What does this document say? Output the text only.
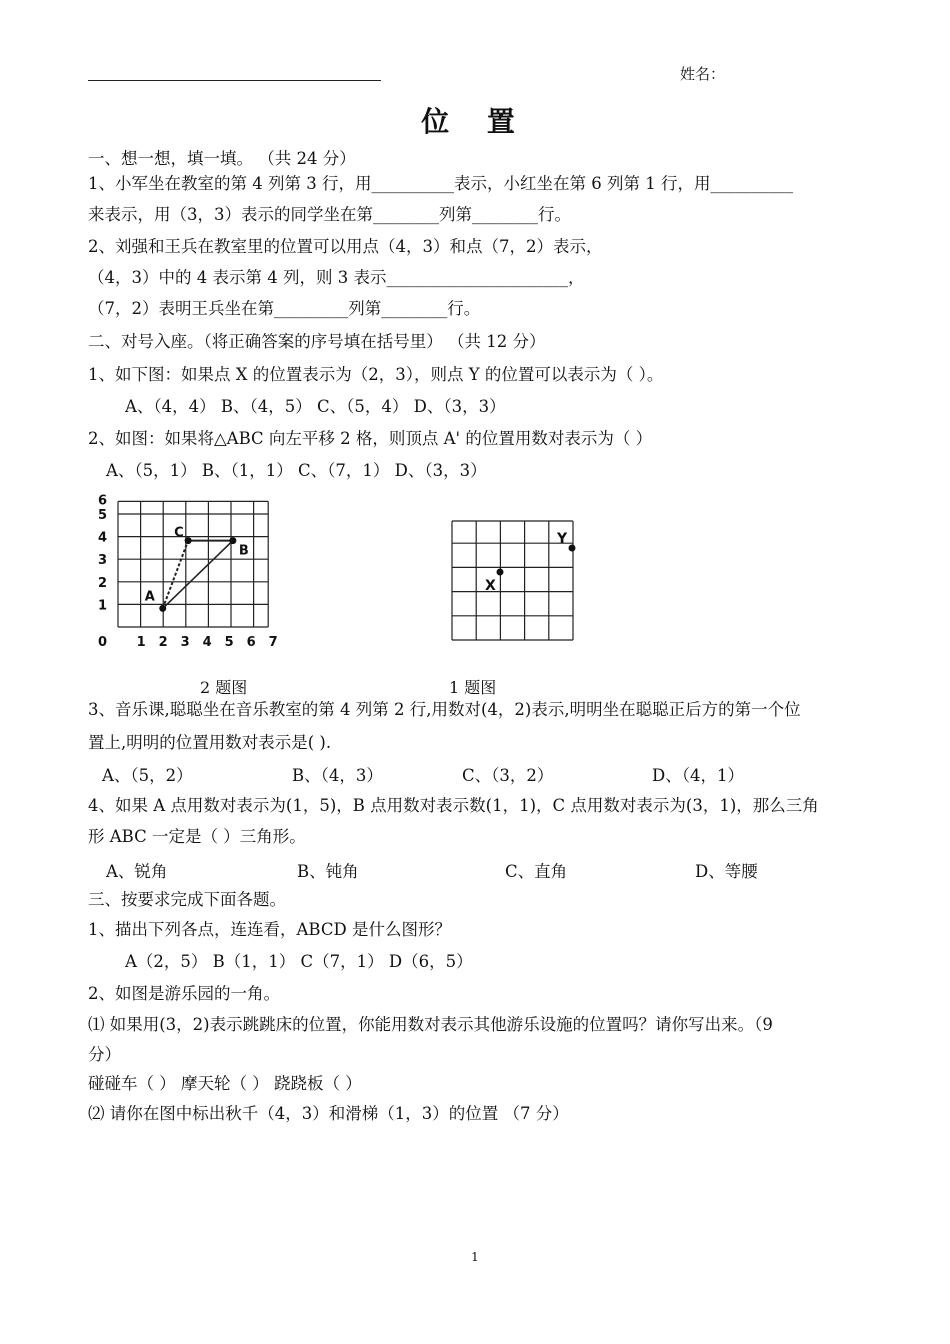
姓名：
位 置
一、想一想，填一填。 （共 24 分）
1、小军坐在教室的第 4 列第 3 行，用__________表示，小红坐在第 6 列第 1 行，用__________
来表示，用（3，3）表示的同学坐在第________列第________行。
2、刘强和王兵在教室里的位置可以用点（4，3）和点（7，2）表示，
（4，3）中的 4 表示第 4 列，则 3 表示______________________，
（7，2）表明王兵坐在第_________列第________行。
二、对号入座。（将正确答案的序号填在括号里） （共 12 分）
1、如下图：如果点 X 的位置表示为（2，3），则点 Y 的位置可以表示为（ ）。
A、（4，4） B、（4，5） C、（5，4） D、（3，3）
2、如图：如果将△ABC 向左平移 2 格，则顶点 A' 的位置用数对表示为（ ）
A、（5，1） B、（1，1） C、（7，1） D、（3，3）
0 1 2 3 4 5 6 7
1
2
3
4
5
6
A
C
B
2 题图
X
Y
1 题图
3、音乐课,聪聪坐在音乐教室的第 4 列第 2 行,用数对(4，2)表示,明明坐在聪聪正后方的第一个位
置上,明明的位置用数对表示是( ).
A、（5，2）	B、（4，3）	C、（3，2）	D、（4，1）
4、如果 A 点用数对表示为(1，5)，B 点用数对表示数(1，1)，C 点用数对表示为(3，1)，那么三角
形 ABC 一定是（ ）三角形。
A、锐角	B、钝角	C、直角	D、等腰
三、按要求完成下面各题。
1、描出下列各点，连连看，ABCD 是什么图形？
A（2，5） B（1，1） C（7，1） D（6，5）
2、如图是游乐园的一角。
⑴ 如果用(3，2)表示跳跳床的位置，你能用数对表示其他游乐设施的位置吗？请你写出来。（9
分）
碰碰车（ ） 摩天轮（ ） 跷跷板（ ）
⑵ 请你在图中标出秋千（4，3）和滑梯（1，3）的位置 （7 分）
1
